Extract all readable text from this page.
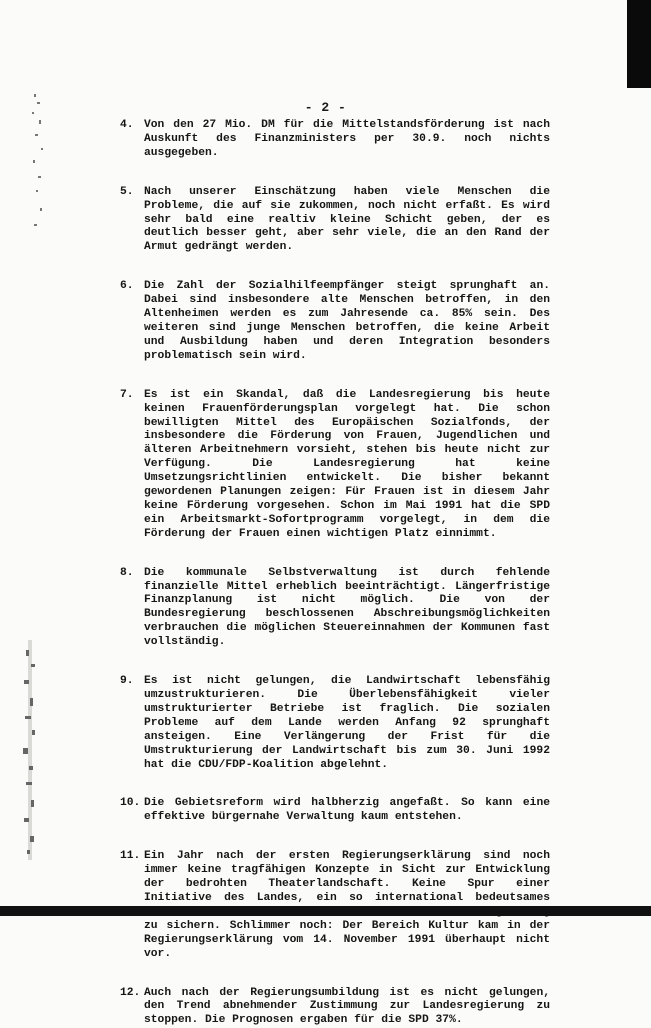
- 2 -
4. Von den 27 Mio. DM für die Mittelstandsförderung ist nach Auskunft des Finanzministers per 30.9. noch nichts ausgegeben.
5. Nach unserer Einschätzung haben viele Menschen die Probleme, die auf sie zukommen, noch nicht erfaßt. Es wird sehr bald eine realtiv kleine Schicht geben, der es deutlich besser geht, aber sehr viele, die an den Rand der Armut gedrängt werden.
6. Die Zahl der Sozialhilfeempfänger steigt sprunghaft an. Dabei sind insbesondere alte Menschen betroffen, in den Altenheimen werden es zum Jahresende ca. 85% sein. Des weiteren sind junge Menschen betroffen, die keine Arbeit und Ausbildung haben und deren Integration besonders problematisch sein wird.
7. Es ist ein Skandal, daß die Landesregierung bis heute keinen Frauenförderungsplan vorgelegt hat. Die schon bewilligten Mittel des Europäischen Sozialfonds, der insbesondere die Förderung von Frauen, Jugendlichen und älteren Arbeitnehmern vorsieht, stehen bis heute nicht zur Verfügung. Die Landesregierung hat keine Umsetzungsrichtlinien entwickelt. Die bisher bekannt gewordenen Planungen zeigen: Für Frauen ist in diesem Jahr keine Förderung vorgesehen. Schon im Mai 1991 hat die SPD ein Arbeitsmarkt-Sofortprogramm vorgelegt, in dem die Förderung der Frauen einen wichtigen Platz einnimmt.
8. Die kommunale Selbstverwaltung ist durch fehlende finanzielle Mittel erheblich beeinträchtigt. Längerfristige Finanzplanung ist nicht möglich. Die von der Bundesregierung beschlossenen Abschreibungsmöglichkeiten verbrauchen die möglichen Steuereinnahmen der Kommunen fast vollständig.
9. Es ist nicht gelungen, die Landwirtschaft lebensfähig umzustrukturieren. Die Überlebensfähigkeit vieler umstrukturierter Betriebe ist fraglich. Die sozialen Probleme auf dem Lande werden Anfang 92 sprunghaft ansteigen. Eine Verlängerung der Frist für die Umstrukturierung der Landwirtschaft bis zum 30. Juni 1992 hat die CDU/FDP-Koalition abgelehnt.
10. Die Gebietsreform wird halbherzig angefaßt. So kann eine effektive bürgernahe Verwaltung kaum entstehen.
11. Ein Jahr nach der ersten Regierungserklärung sind noch immer keine tragfähigen Konzepte in Sicht zur Entwicklung der bedrohten Theaterlandschaft. Keine Spur einer Initiative des Landes, ein so international bedeutsames zu sichern. Schlimmer noch: Der Bereich Kultur kam in der Regierungserklärung vom 14. November 1991 überhaupt nicht vor.
12. Auch nach der Regierungsumbildung ist es nicht gelungen, den Trend abnehmender Zustimmung zur Landesregierung zu stoppen. Die Prognosen ergaben für die SPD 37%.
